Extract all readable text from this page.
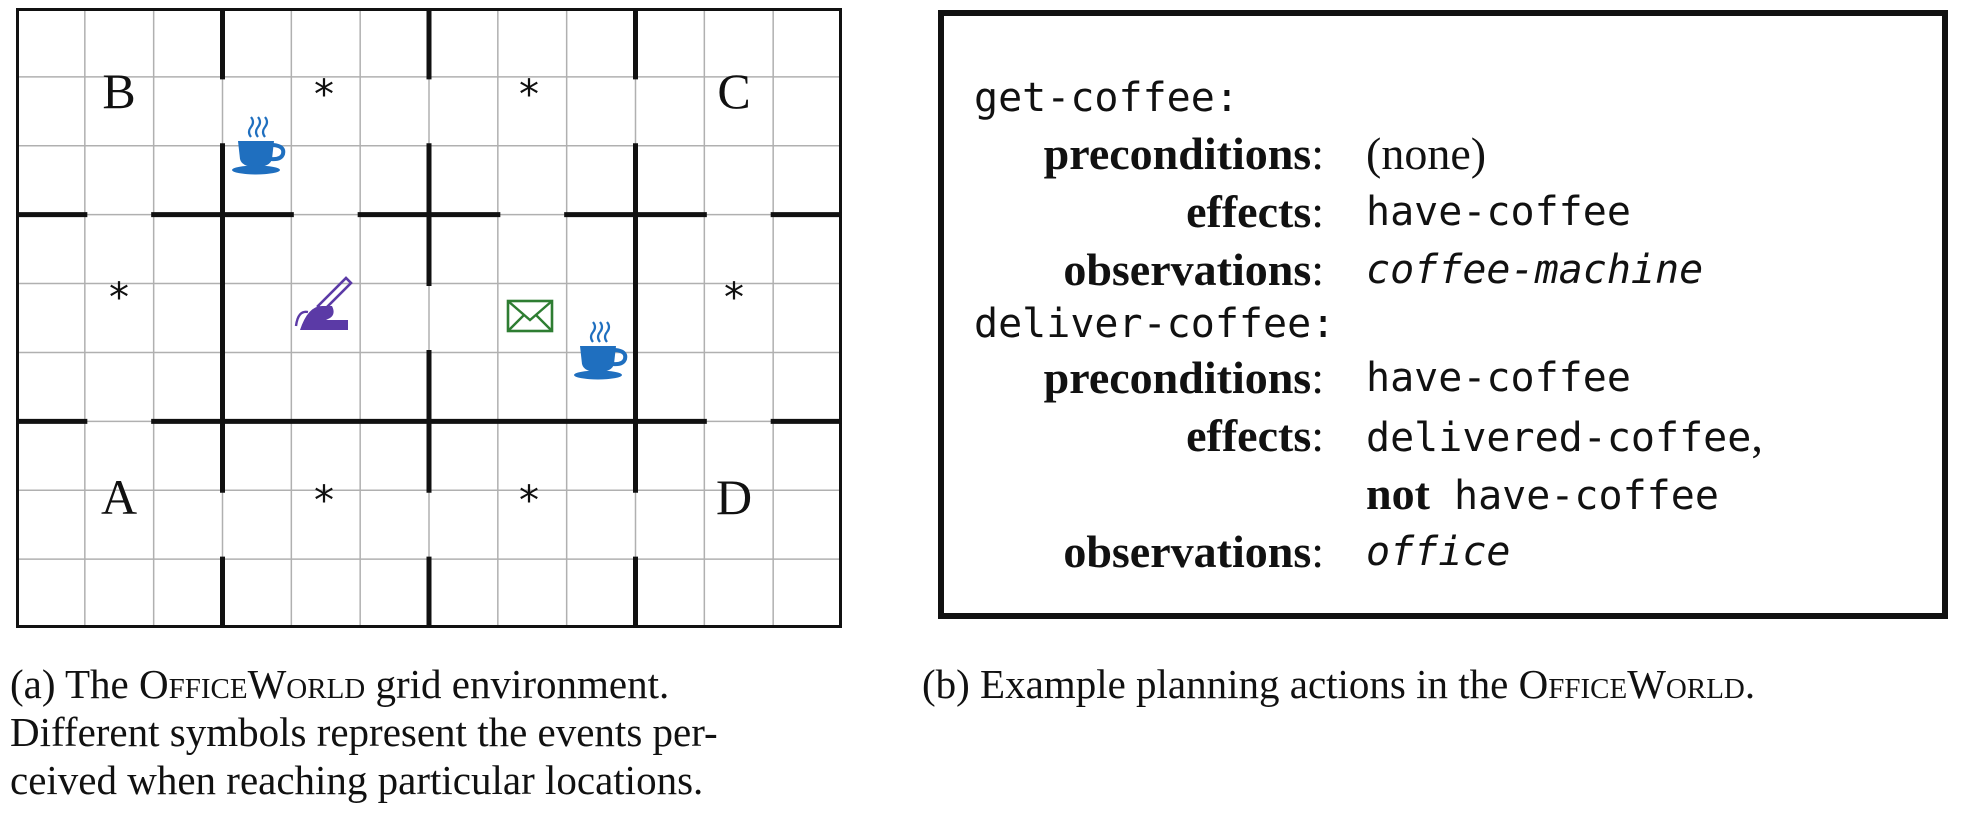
B	C
A	D
*	*
*	*
*	*
get-coffee:
preconditions: (none)
effects: have-coffee
observations: coffee-machine
deliver-coffee:
preconditions: have-coffee
effects: delivered-coffee,
not have-coffee
observations: office
(a) The OfficeWorld grid environment.
Different symbols represent the events per-
ceived when reaching particular locations.
(b) Example planning actions in the OfficeWorld.
